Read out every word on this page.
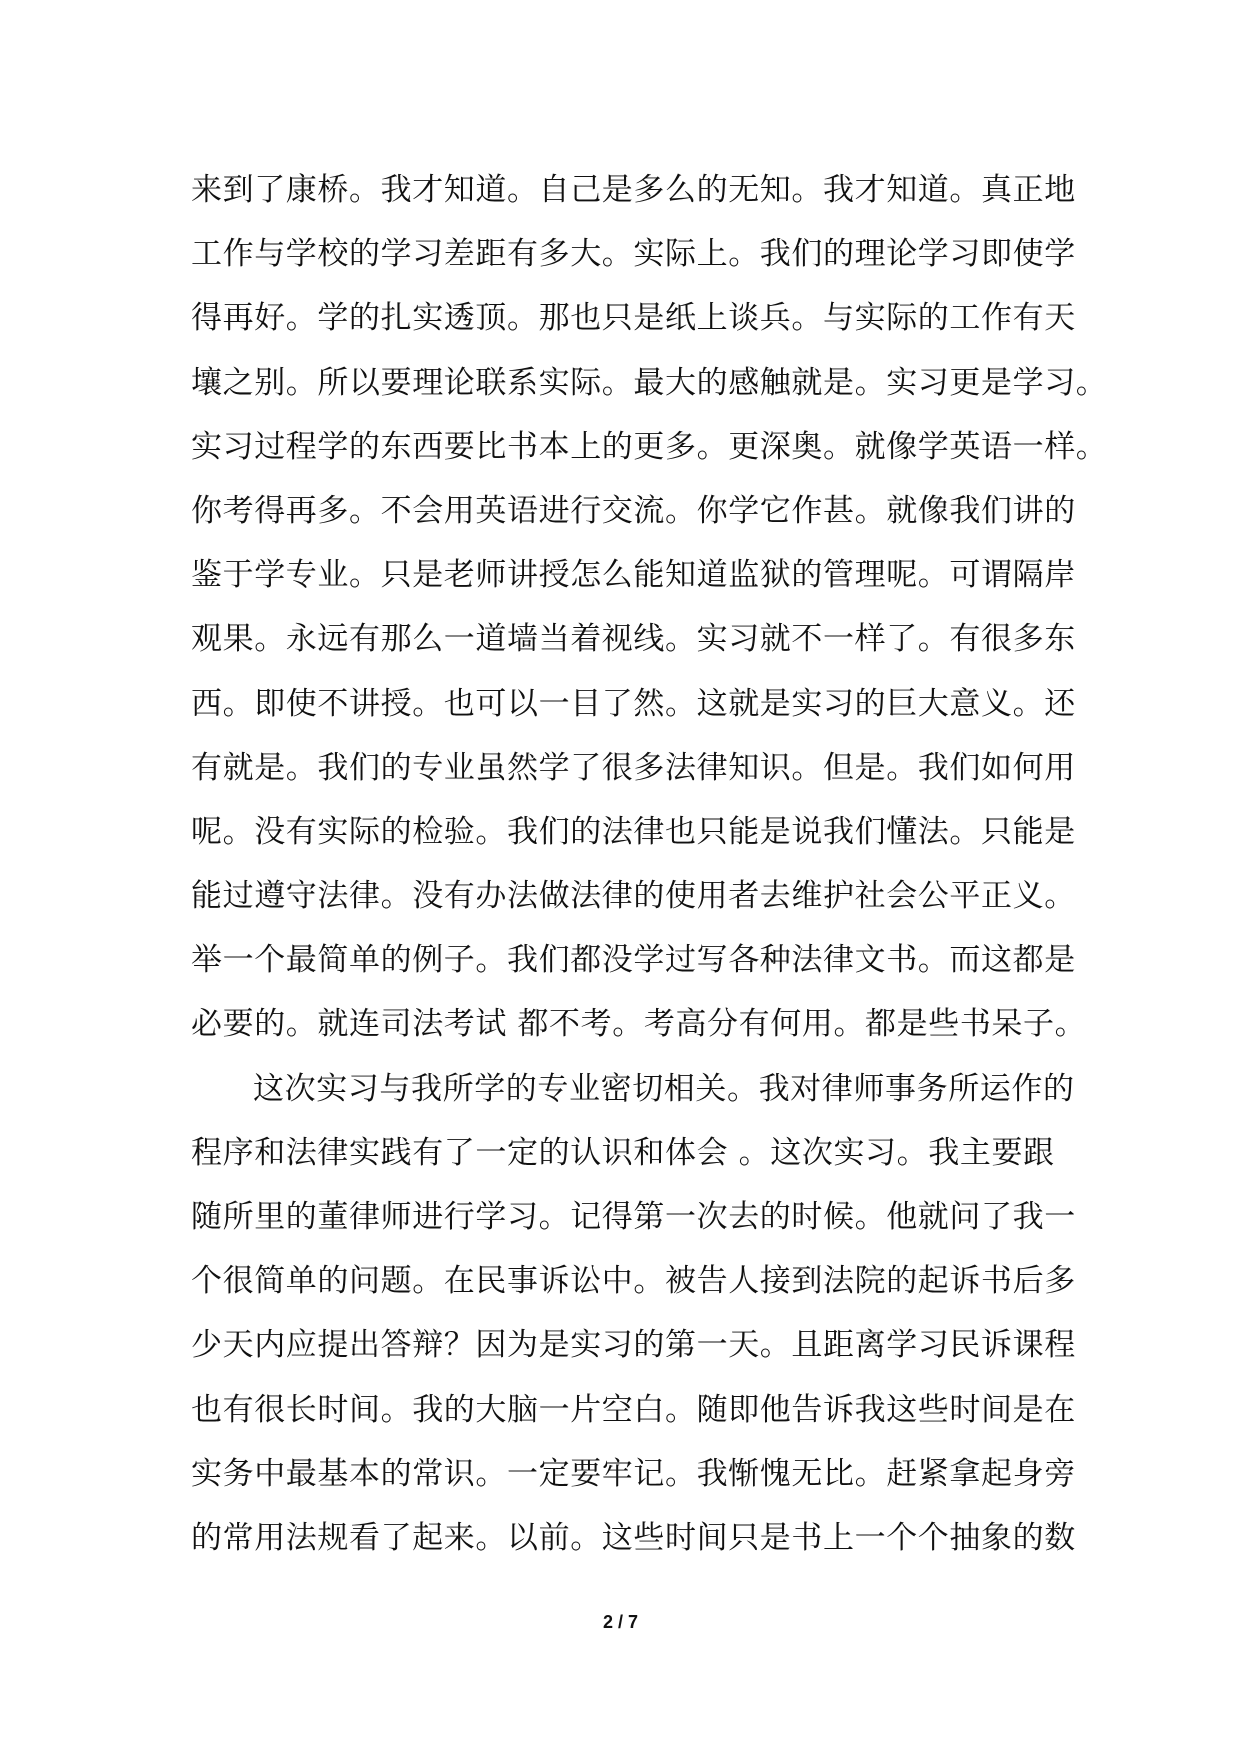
来到了康桥。我才知道。自己是多么的无知。我才知道。真正地
工作与学校的学习差距有多大。实际上。我们的理论学习即使学
得再好。学的扎实透顶。那也只是纸上谈兵。与实际的工作有天
壤之别。所以要理论联系实际。最大的感触就是。实习更是学习。
实习过程学的东西要比书本上的更多。更深奥。就像学英语一样。
你考得再多。不会用英语进行交流。你学它作甚。就像我们讲的
鉴于学专业。只是老师讲授怎么能知道监狱的管理呢。可谓隔岸
观果。永远有那么一道墙当着视线。实习就不一样了。有很多东
西。即使不讲授。也可以一目了然。这就是实习的巨大意义。还
有就是。我们的专业虽然学了很多法律知识。但是。我们如何用
呢。没有实际的检验。我们的法律也只能是说我们懂法。只能是
能过遵守法律。没有办法做法律的使用者去维护社会公平正义。
举一个最简单的例子。我们都没学过写各种法律文书。而这都是
必要的。就连司法考试 都不考。考高分有何用。都是些书呆子。
这次实习与我所学的专业密切相关。我对律师事务所运作的
程序和法律实践有了一定的认识和体会 。这次实习。我主要跟
随所里的董律师进行学习。记得第一次去的时候。他就问了我一
个很简单的问题。在民事诉讼中。被告人接到法院的起诉书后多
少天内应提出答辩？因为是实习的第一天。且距离学习民诉课程
也有很长时间。我的大脑一片空白。随即他告诉我这些时间是在
实务中最基本的常识。一定要牢记。我惭愧无比。赶紧拿起身旁
的常用法规看了起来。以前。这些时间只是书上一个个抽象的数
2 / 7
